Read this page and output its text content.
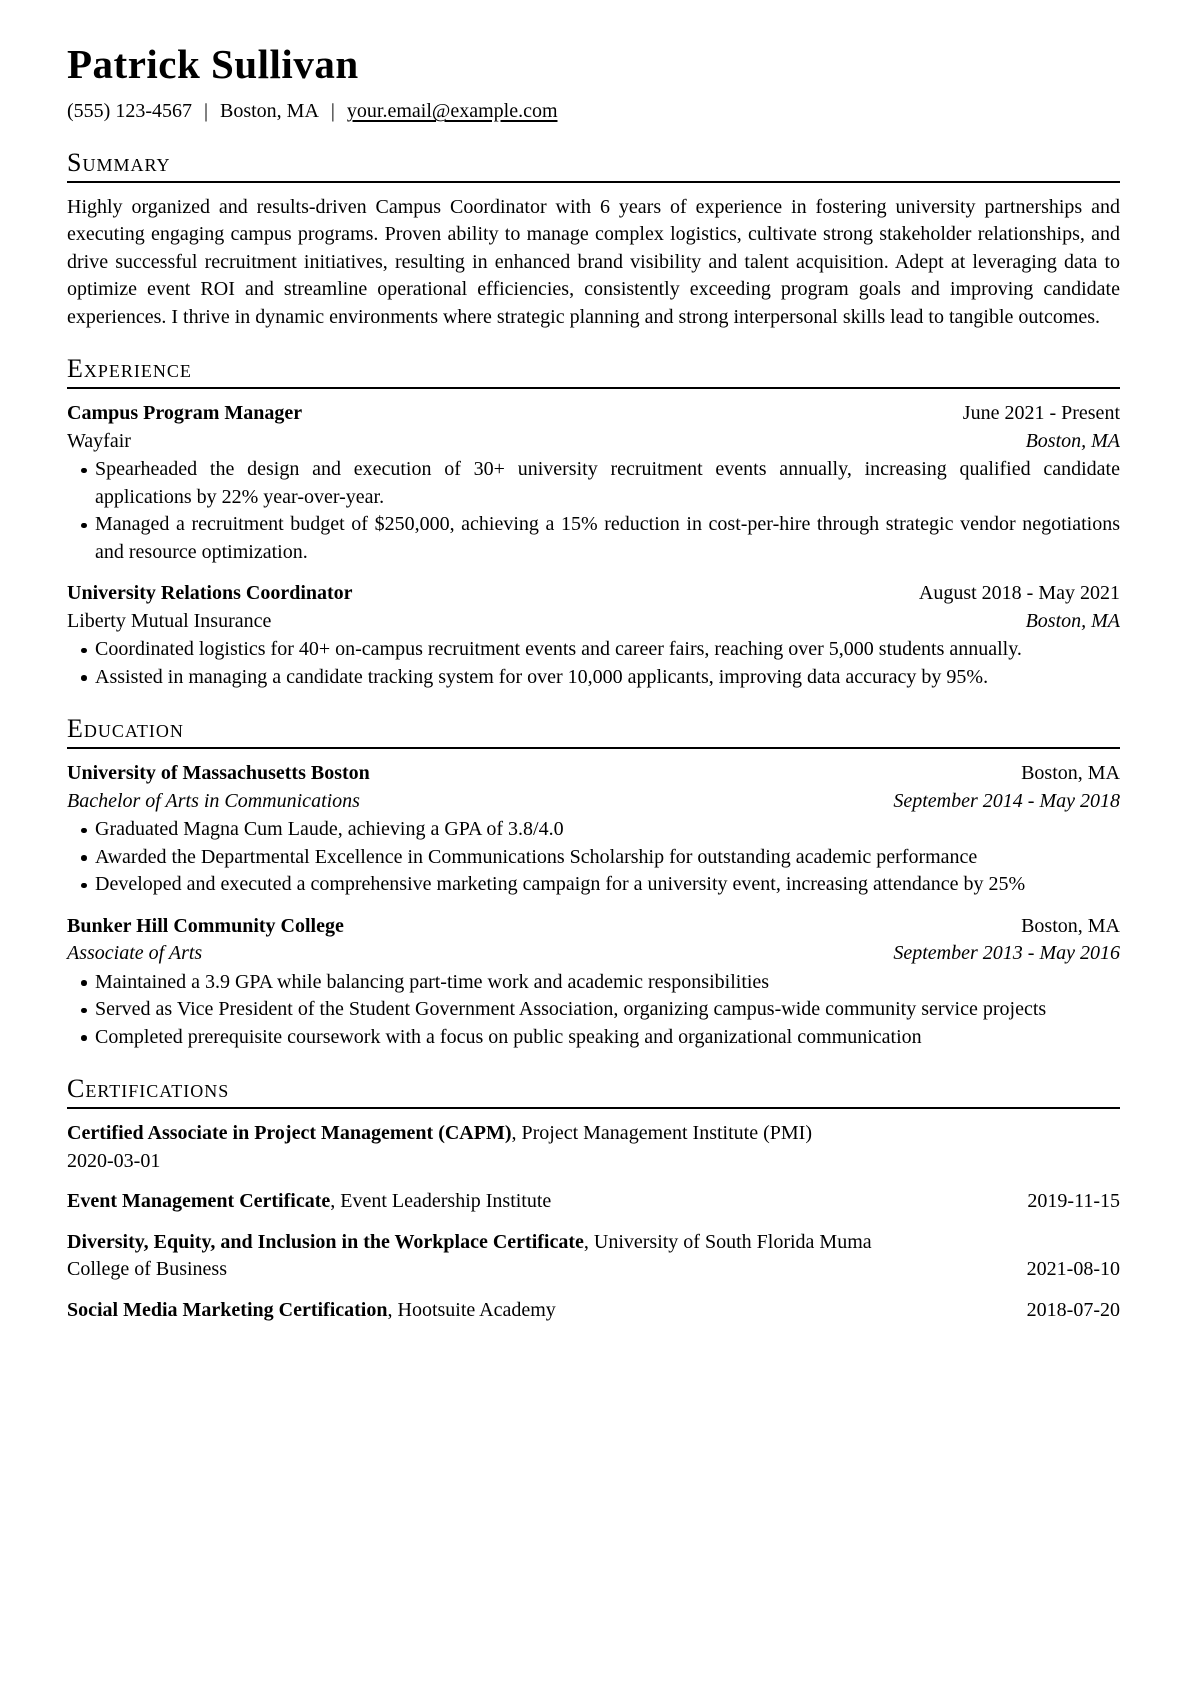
Patrick Sullivan
(555) 123-4567 | Boston, MA | your.email@example.com
Summary

Highly organized and results-driven Campus Coordinator with 6 years of experience in fostering university partnerships and executing engaging campus programs. Proven ability to manage complex logistics, cultivate strong stakeholder relationships, and drive successful recruitment initiatives, resulting in enhanced brand visibility and talent acquisition. Adept at leveraging data to optimize event ROI and streamline operational efficiencies, consistently exceeding program goals and improving candidate experiences. I thrive in dynamic environments where strategic planning and strong interpersonal skills lead to tangible outcomes.

Experience
Campus Program Manager	June 2021 - Present
Wayfair	Boston, MA
Spearheaded the design and execution of 30+ university recruitment events annually, increasing qualified candidate applications by 22% year-over-year.
Managed a recruitment budget of $250,000, achieving a 15% reduction in cost-per-hire through strategic vendor negotiations and resource optimization.
University Relations Coordinator	August 2018 - May 2021
Liberty Mutual Insurance	Boston, MA
Coordinated logistics for 40+ on-campus recruitment events and career fairs, reaching over 5,000 students annually.
Assisted in managing a candidate tracking system for over 10,000 applicants, improving data accuracy by 95%.
Education
University of Massachusetts Boston	Boston, MA
Bachelor of Arts in Communications	September 2014 - May 2018
Graduated Magna Cum Laude, achieving a GPA of 3.8/4.0
Awarded the Departmental Excellence in Communications Scholarship for outstanding academic performance
Developed and executed a comprehensive marketing campaign for a university event, increasing attendance by 25%
Bunker Hill Community College	Boston, MA
Associate of Arts	September 2013 - May 2016
Maintained a 3.9 GPA while balancing part-time work and academic responsibilities
Served as Vice President of the Student Government Association, organizing campus-wide community service projects
Completed prerequisite coursework with a focus on public speaking and organizational communication
Certifications
Certified Associate in Project Management (CAPM), Project Management Institute (PMI)
2020-03-01
Event Management Certificate, Event Leadership Institute	2019-11-15
Diversity, Equity, and Inclusion in the Workplace Certificate, University of South Florida Muma
College of Business	2021-08-10
Social Media Marketing Certification, Hootsuite Academy	2018-07-20
